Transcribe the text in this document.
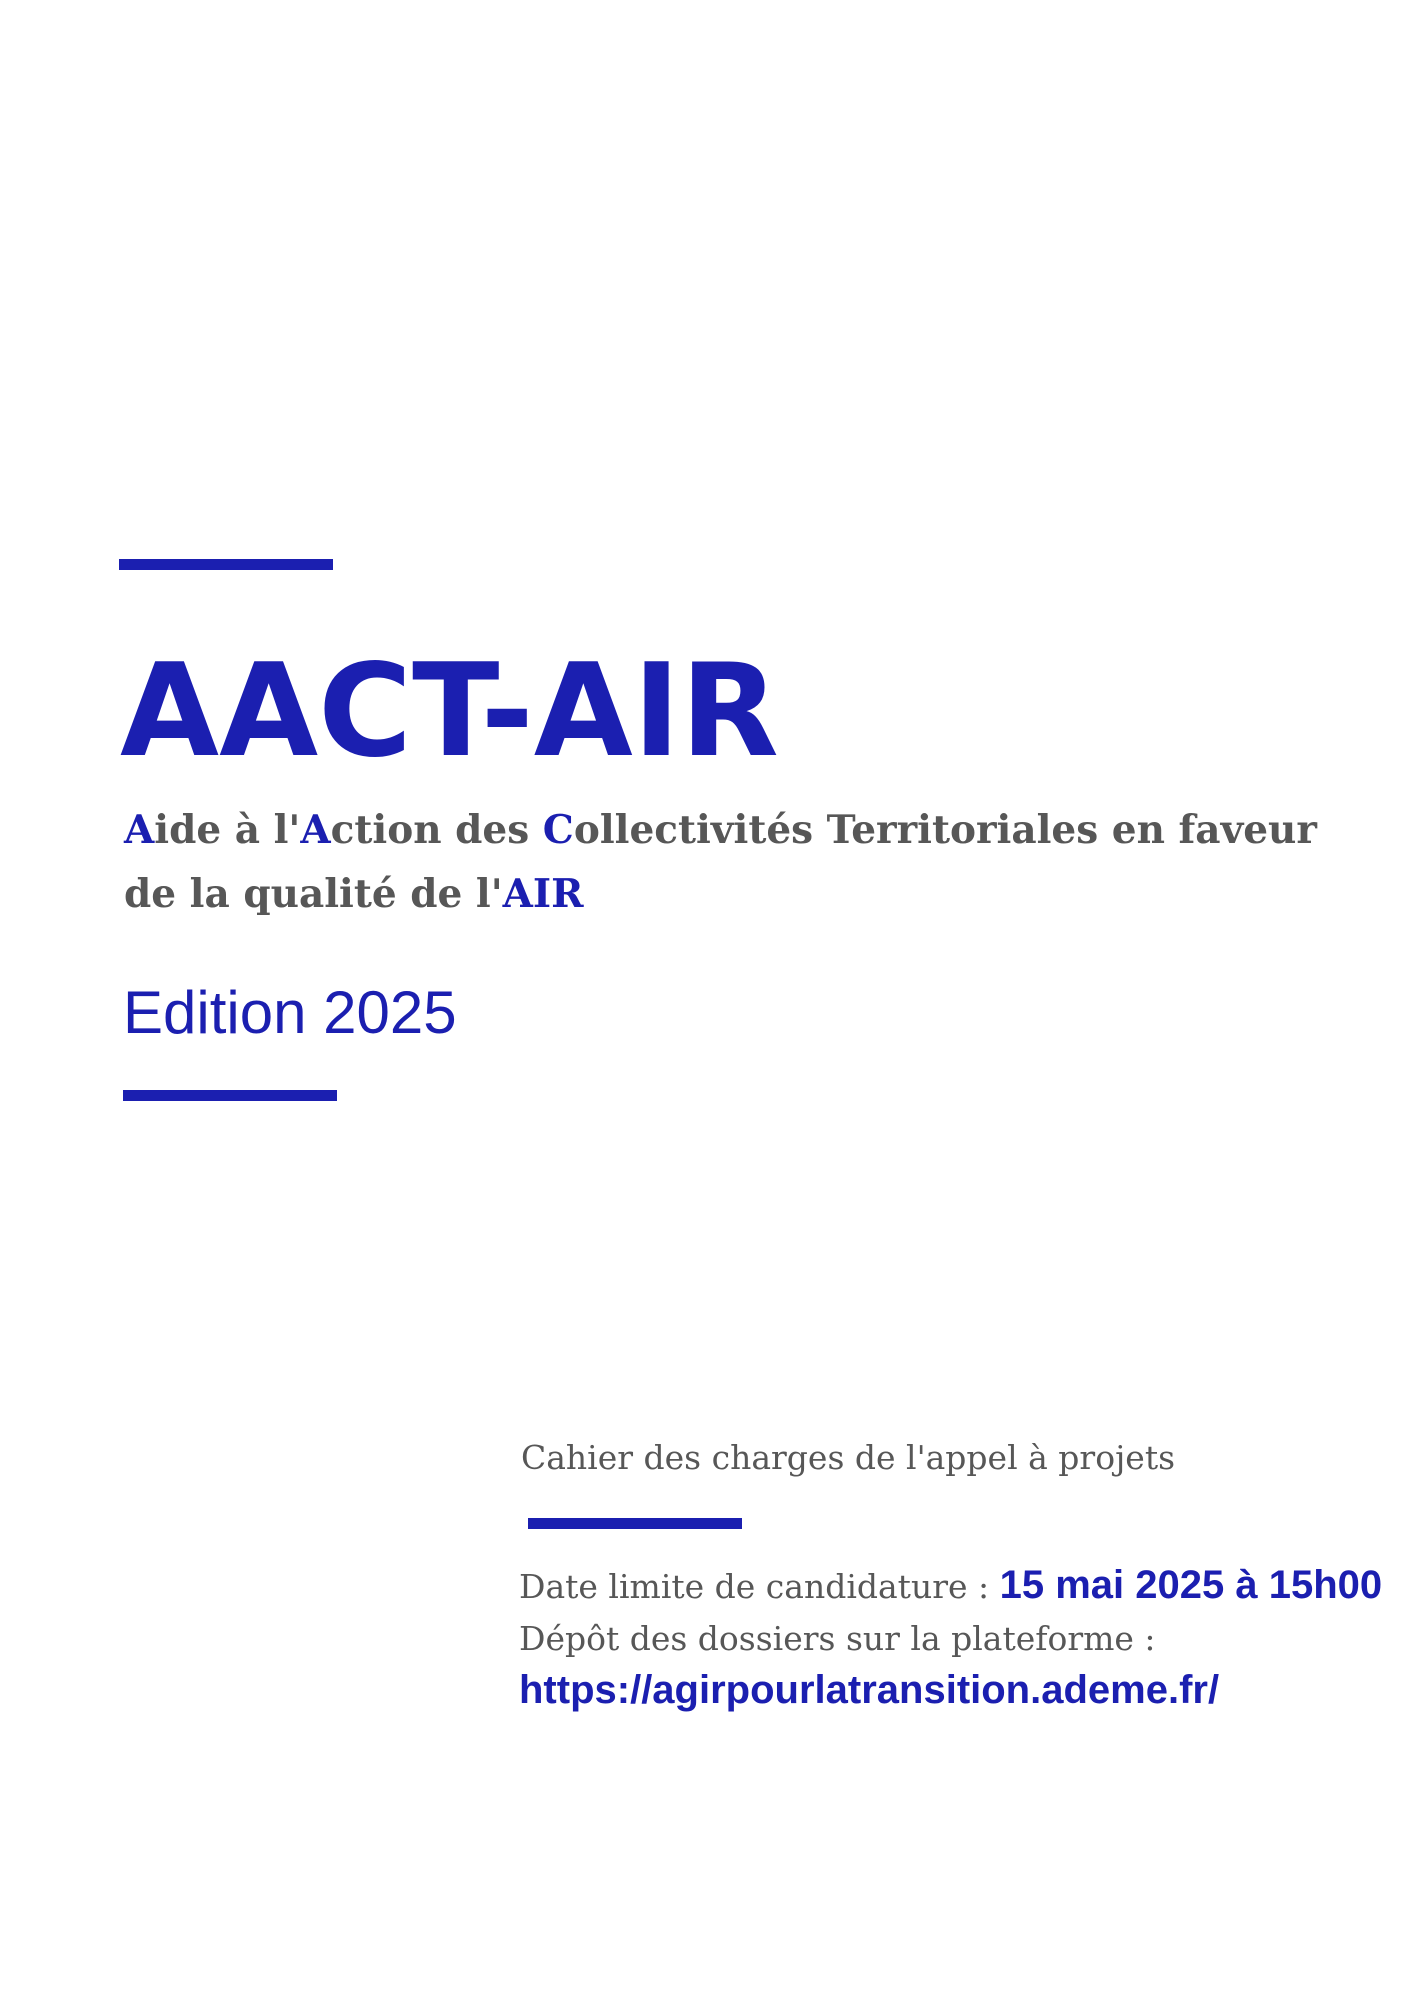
AACT-AIR

Aide à l'Action des Collectivités Territoriales en faveur de la qualité de l'AIR

Edition 2025

Cahier des charges de l'appel à projets

Date limite de candidature : 15 mai 2025 à 15h00

Dépôt des dossiers sur la plateforme :

https://agirpourlatransition.ademe.fr/
